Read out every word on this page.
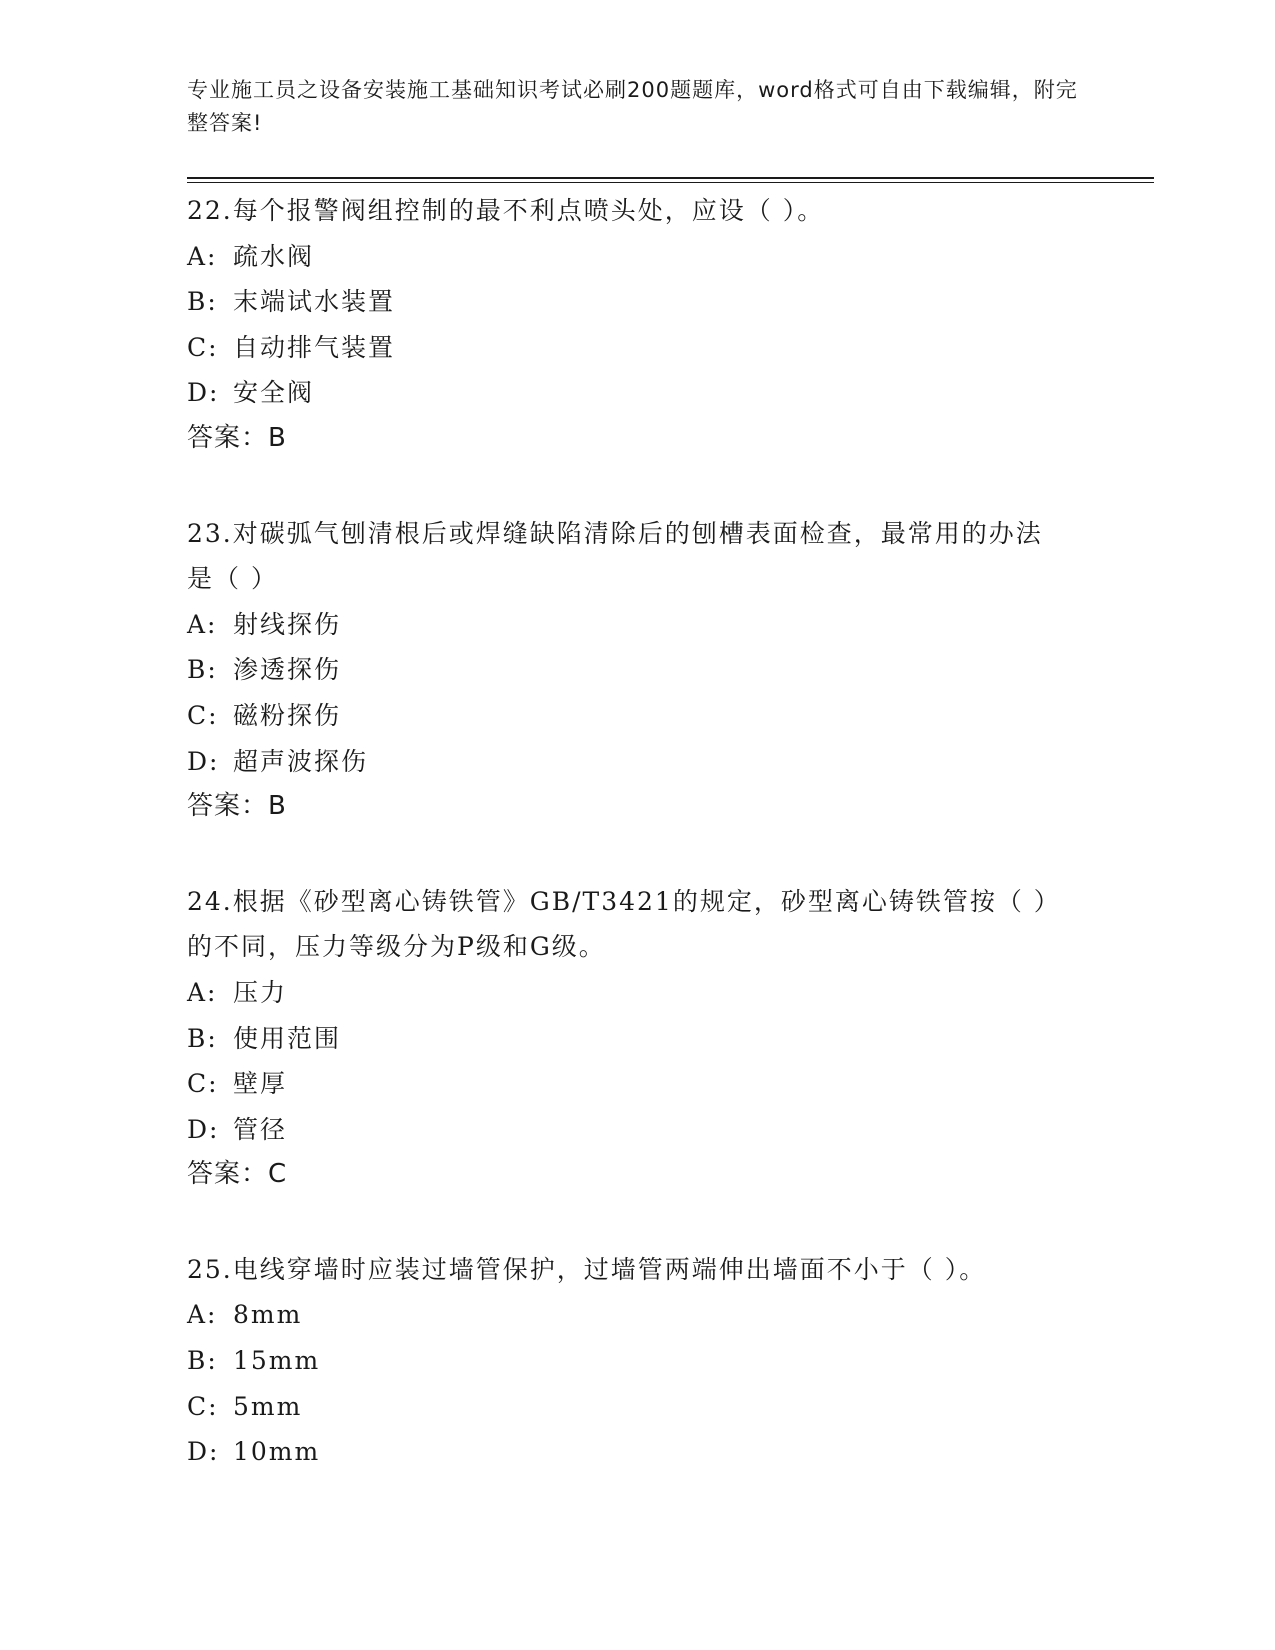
专业施工员之设备安装施工基础知识考试必刷200题题库，word格式可自由下载编辑，附完整答案!
22.每个报警阀组控制的最不利点喷头处，应设（ ）。
A: 疏水阀
B: 末端试水装置
C: 自动排气装置
D: 安全阀
答案：B
23.对碳弧气刨清根后或焊缝缺陷清除后的刨槽表面检查，最常用的办法是（ ）
A: 射线探伤
B: 渗透探伤
C: 磁粉探伤
D: 超声波探伤
答案：B
24.根据《砂型离心铸铁管》GB/T3421的规定，砂型离心铸铁管按（ ）的不同，压力等级分为P级和G级。
A: 压力
B: 使用范围
C: 壁厚
D: 管径
答案：C
25.电线穿墙时应装过墙管保护，过墙管两端伸出墙面不小于（ ）。
A: 8mm
B: 15mm
C: 5mm
D: 10mm
